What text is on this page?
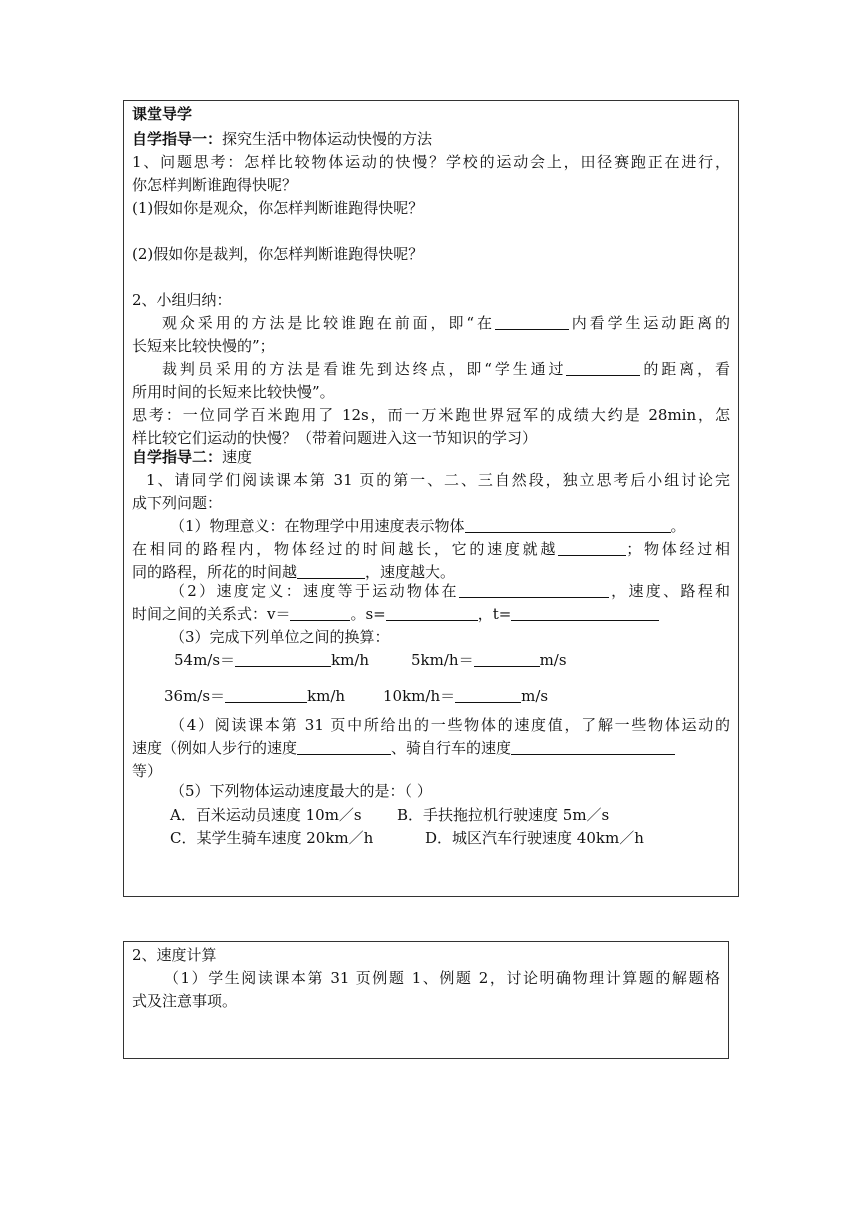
课堂导学
自学指导一：探究生活中物体运动快慢的方法
1、问题思考：怎样比较物体运动的快慢？学校的运动会上，田径赛跑正在进行，
你怎样判断谁跑得快呢？
(1)假如你是观众，你怎样判断谁跑得快呢？
(2)假如你是裁判，你怎样判断谁跑得快呢？
2、小组归纳：
观众采用的方法是比较谁跑在前面，即“在	内看学生运动距离的
长短来比较快慢的”；
裁判员采用的方法是看谁先到达终点，即“学生通过	的距离，看
所用时间的长短来比较快慢”。
思考：一位同学百米跑用了 12s，而一万米跑世界冠军的成绩大约是 28min，怎
样比较它们运动的快慢？（带着问题进入这一节知识的学习）
自学指导二：速度
1、请同学们阅读课本第 31 页的第一、二、三自然段，独立思考后小组讨论完
成下列问题：
（1）物理意义：在物理学中用速度表示物体	。
在相同的路程内，物体经过的时间越长，它的速度就越	；物体经过相
同的路程，所花的时间越	，速度越大。
（2）速度定义：速度等于运动物体在	，速度、路程和
时间之间的关系式：v＝	。s=	，t=
（3）完成下列单位之间的换算：
54m/s＝	km/h	5km/h＝	m/s
36m/s＝	km/h	10km/h＝	m/s
（4）阅读课本第 31 页中所给出的一些物体的速度值，了解一些物体运动的
速度（例如人步行的速度	、骑自行车的速度
等）
（5）下列物体运动速度最大的是：（ ）
A．百米运动员速度 10m／s B．手扶拖拉机行驶速度 5m／s
C．某学生骑车速度 20km／h	D．城区汽车行驶速度 40km／h
2、速度计算
（1）学生阅读课本第 31 页例题 1、例题 2，讨论明确物理计算题的解题格
式及注意事项。
